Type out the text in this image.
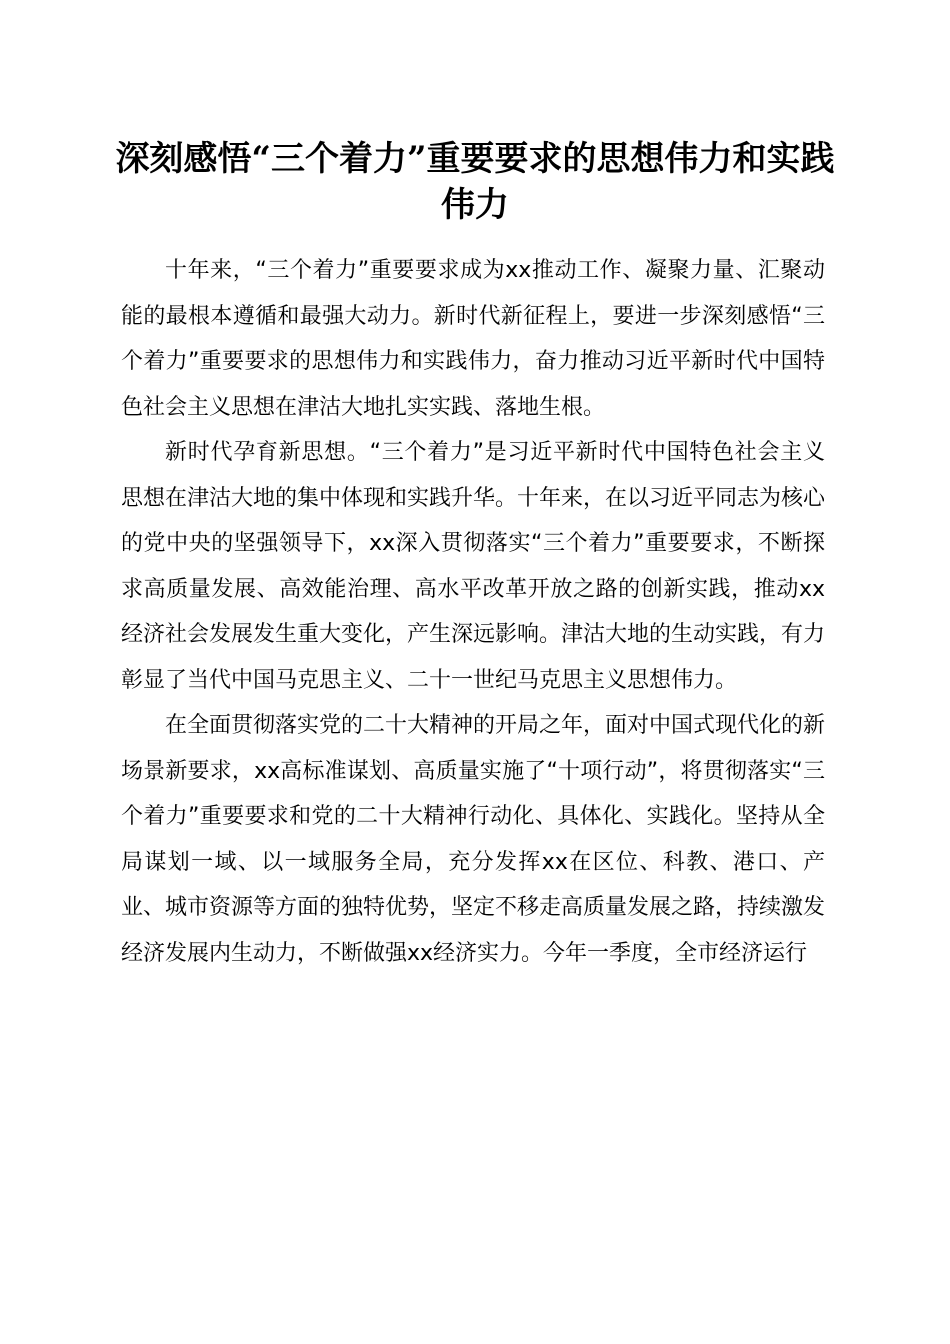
深刻感悟“三个着力”重要要求的思想伟力和实践伟力

十年来，“三个着力”重要要求成为xx推动工作、凝聚力量、汇聚动能的最根本遵循和最强大动力。新时代新征程上，要进一步深刻感悟“三个着力”重要要求的思想伟力和实践伟力，奋力推动习近平新时代中国特色社会主义思想在津沽大地扎实实践、落地生根。

新时代孕育新思想。“三个着力”是习近平新时代中国特色社会主义思想在津沽大地的集中体现和实践升华。十年来，在以习近平同志为核心的党中央的坚强领导下，xx深入贯彻落实“三个着力”重要要求，不断探求高质量发展、高效能治理、高水平改革开放之路的创新实践，推动xx经济社会发展发生重大变化，产生深远影响。津沽大地的生动实践，有力彰显了当代中国马克思主义、二十一世纪马克思主义思想伟力。

在全面贯彻落实党的二十大精神的开局之年，面对中国式现代化的新场景新要求，xx高标准谋划、高质量实施了“十项行动”，将贯彻落实“三个着力”重要要求和党的二十大精神行动化、具体化、实践化。坚持从全局谋划一域、以一域服务全局，充分发挥xx在区位、科教、港口、产业、城市资源等方面的独特优势，坚定不移走高质量发展之路，持续激发经济发展内生动力，不断做强xx经济实力。今年一季度，全市经济运行
